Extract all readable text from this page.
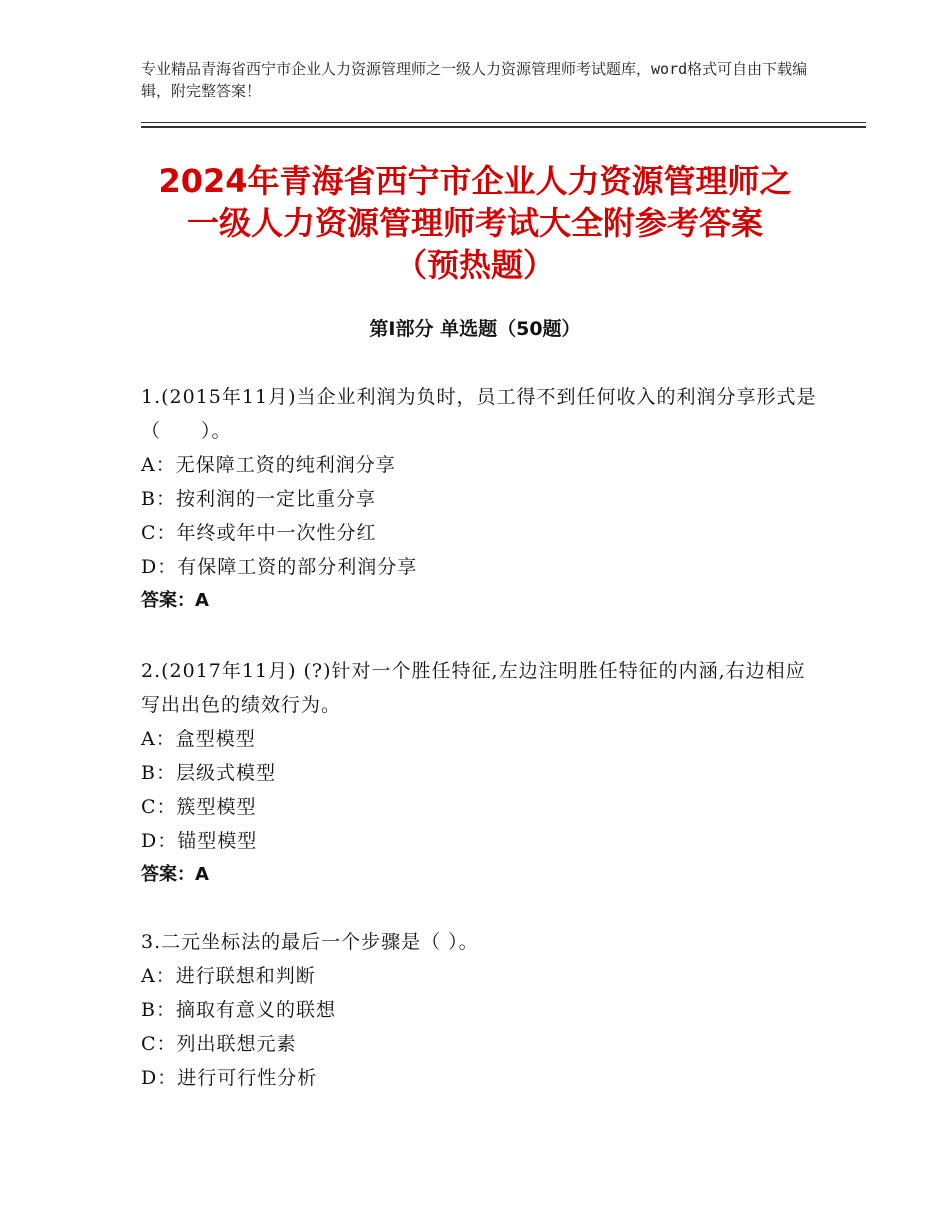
专业精品青海省西宁市企业人力资源管理师之一级人力资源管理师考试题库，word格式可自由下载编辑，附完整答案！
2024年青海省西宁市企业人力资源管理师之
一级人力资源管理师考试大全附参考答案
（预热题）
第Ⅰ部分 单选题（50题）

1.(2015年11月)当企业利润为负时，员工得不到任何收入的利润分享形式是（　　）。

A：无保障工资的纯利润分享

B：按利润的一定比重分享

C：年终或年中一次性分红

D：有保障工资的部分利润分享

答案：A

2.(2017年11月) (?)针对一个胜任特征,左边注明胜任特征的内涵,右边相应写出出色的绩效行为。

A：盒型模型

B：层级式模型

C：簇型模型

D：锚型模型

答案：A

3.二元坐标法的最后一个步骤是（ ）。

A：进行联想和判断

B：摘取有意义的联想

C：列出联想元素

D：进行可行性分析
